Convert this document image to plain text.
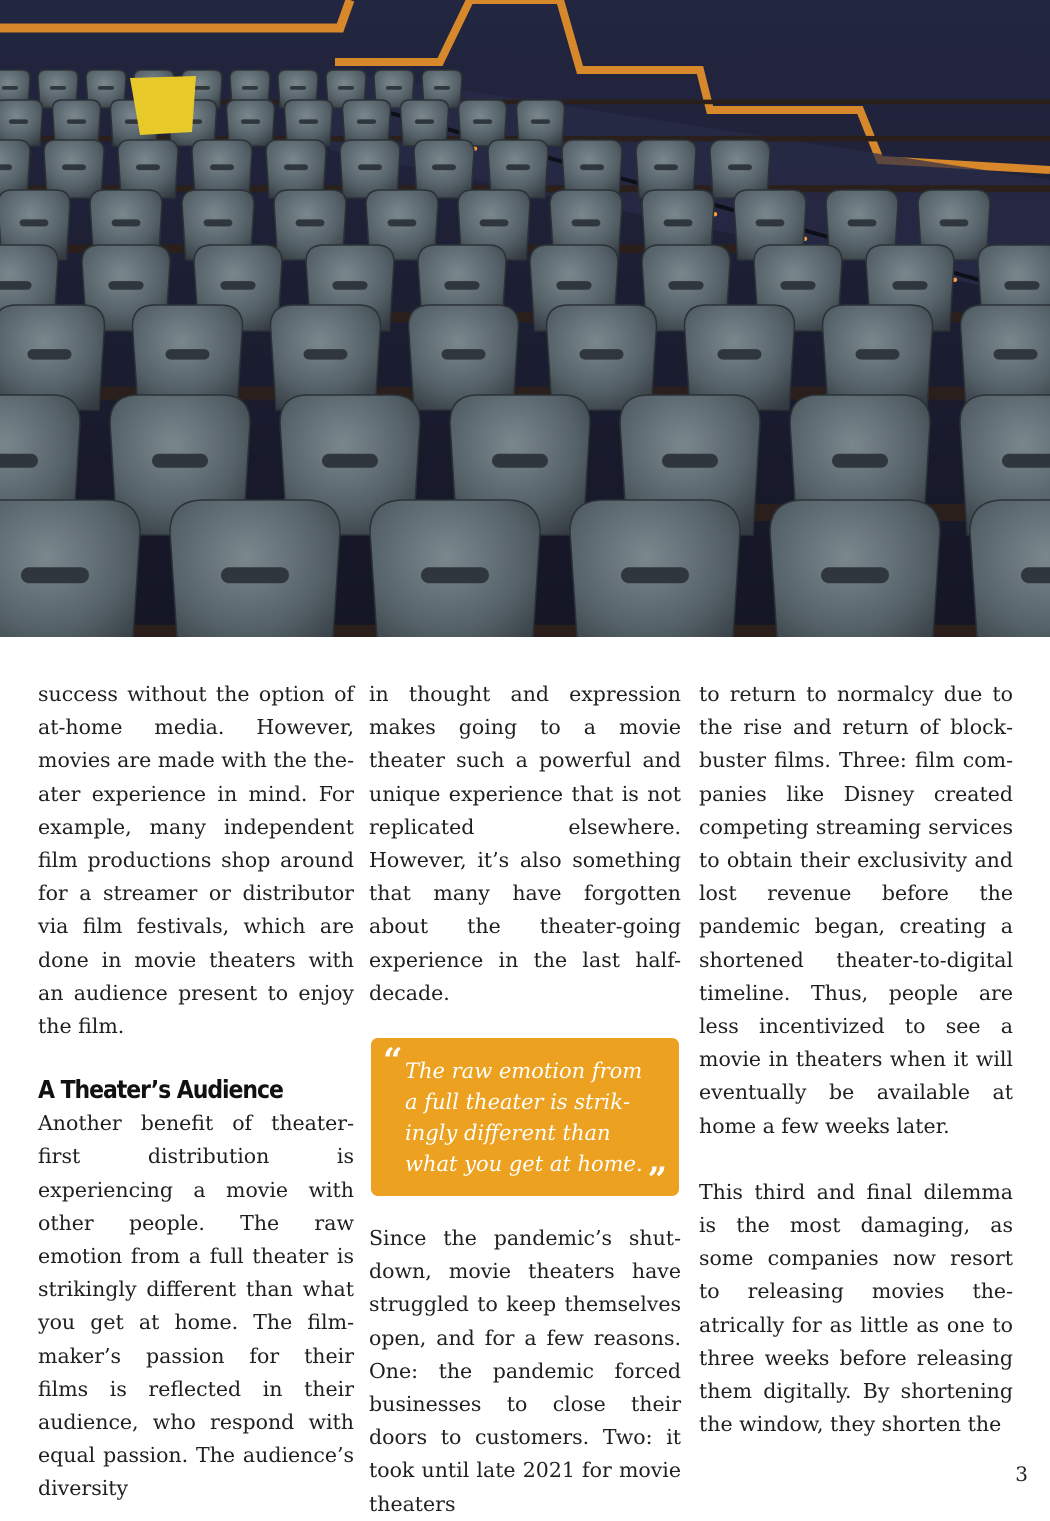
success without the option of at-home media. However, movies are made with the theater experience in mind. For example, many independent film productions shop around for a streamer or distributor via film festivals, which are done in movie theaters with an audience present to enjoy the film.

A Theater’s Audience

Another benefit of theater-first distribution is experiencing a movie with other people. The raw emotion from a full theater is strikingly different than what you get at home. The filmmaker’s passion for their films is reflected in their audience, who respond with equal passion. The audience’s diversity

in thought and expression makes going to a movie theater such a powerful and unique experience that is not replicated elsewhere. However, it’s also something that many have forgotten about the theater-going experience in the last half-decade.

“ The raw emotion from a full theater is strikingly different than what you get at home. ”

Since the pandemic’s shutdown, movie theaters have struggled to keep themselves open, and for a few reasons. One: the pandemic forced businesses to close their doors to customers. Two: it took until late 2021 for movie theaters

to return to normalcy due to the rise and return of blockbuster films. Three: film companies like Disney created competing streaming services to obtain their exclusivity and lost revenue before the pandemic began, creating a shortened theater-to-digital timeline. Thus, people are less incentivized to see a movie in theaters when it will eventually be available at home a few weeks later.

This third and final dilemma is the most damaging, as some companies now resort to releasing movies theatrically for as little as one to three weeks before releasing them digitally. By shortening the window, they shorten the

3
